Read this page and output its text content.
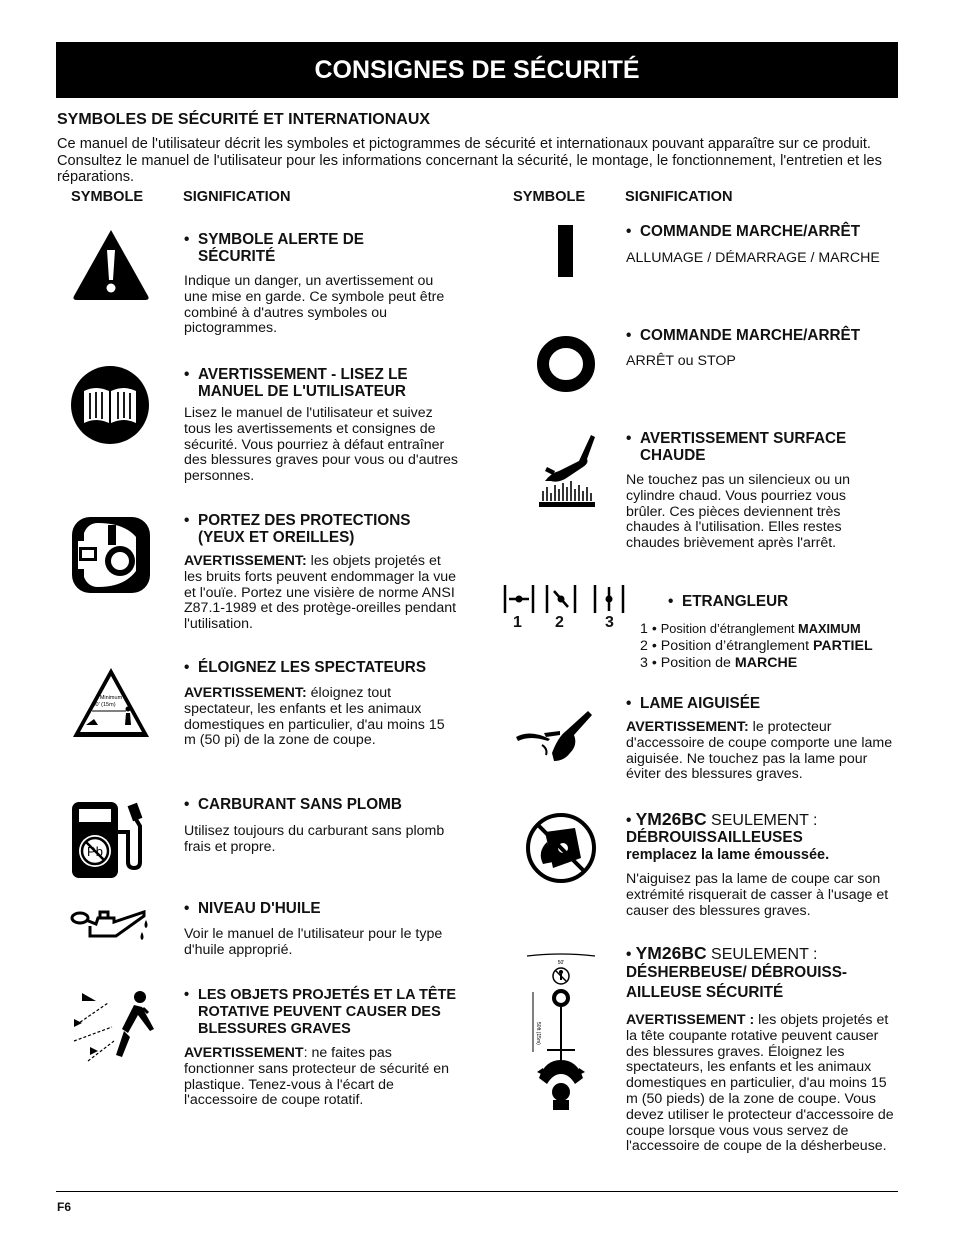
CONSIGNES DE SÉCURITÉ
SYMBOLES DE SÉCURITÉ ET INTERNATIONAUX
Ce manuel de l'utilisateur décrit les symboles et pictogrammes de sécurité et internationaux pouvant apparaître sur ce produit. Consultez le manuel de l'utilisateur pour les informations concernant la sécurité, le montage, le fonctionnement, l'entretien et les réparations.
SYMBOLE	SIGNIFICATION	SYMBOLE	SIGNIFICATION
• SYMBOLE ALERTE DE SÉCURITÉ
Indique un danger, un avertissement ou une mise en garde. Ce symbole peut être combiné à d'autres symboles ou pictogrammes.
• AVERTISSEMENT - LISEZ LE MANUEL DE L'UTILISATEUR
Lisez le manuel de l'utilisateur et suivez tous les avertissements et consignes de sécurité. Vous pourriez à défaut entraîner des blessures graves pour vous ou d'autres personnes.
• PORTEZ DES PROTECTIONS (YEUX ET OREILLES)
AVERTISSEMENT: les objets projetés et les bruits forts peuvent endommager la vue et l'ouïe. Portez une visière de norme ANSI Z87.1-1989 et des protège-oreilles pendant l'utilisation.
Minimum
50' (15m)
• ÉLOIGNEZ LES SPECTATEURS
AVERTISSEMENT: éloignez tout spectateur, les enfants et les animaux domestiques en particulier, d'au moins 15 m (50 pi) de la zone de coupe.
Pb
• CARBURANT SANS PLOMB
Utilisez toujours du carburant sans plomb frais et propre.
• NIVEAU D'HUILE
Voir le manuel de l'utilisateur pour le type d'huile approprié.
• LES OBJETS PROJETÉS ET LA TÊTE ROTATIVE PEUVENT CAUSER DES BLESSURES GRAVES
AVERTISSEMENT: ne faites pas fonctionner sans protecteur de sécurité en plastique. Tenez-vous à l'écart de l'accessoire de coupe rotatif.
• COMMANDE MARCHE/ARRÊT
ALLUMAGE / DÉMARRAGE / MARCHE
• COMMANDE MARCHE/ARRÊT
ARRÊT ou STOP
• AVERTISSEMENT SURFACE CHAUDE
Ne touchez pas un silencieux ou un cylindre chaud. Vous pourriez vous brûler. Ces pièces deviennent très chaudes à l'utilisation. Elles restes chaudes brièvement après l'arrêt.
1 2	3
• ETRANGLEUR
1 • Position d’étranglement MAXIMUM
2 • Position d’étranglement PARTIEL
3 • Position de MARCHE
• LAME AIGUISÉE
AVERTISSEMENT: le protecteur d'accessoire de coupe comporte une lame aiguisée. Ne touchez pas la lame pour éviter des blessures graves.
• YM26BC SEULEMENT :
DÉBROUISSAILLEUSES
remplacez la lame émoussée.
N'aiguisez pas la lame de coupe car son extrémité risquerait de casser à l'usage et causer des blessures graves.
50'
50ft (15m)
• YM26BC SEULEMENT :
DÉSHERBEUSE/ DÉBROUISS-AILLEUSE SÉCURITÉ
AVERTISSEMENT : les objets projetés et la tête coupante rotative peuvent causer des blessures graves. Éloignez les spectateurs, les enfants et les animaux domestiques en particulier, d'au moins 15 m (50 pieds) de la zone de coupe. Vous devez utiliser le protecteur d'accessoire de coupe lorsque vous vous servez de l'accessoire de coupe de la désherbeuse.
F6
